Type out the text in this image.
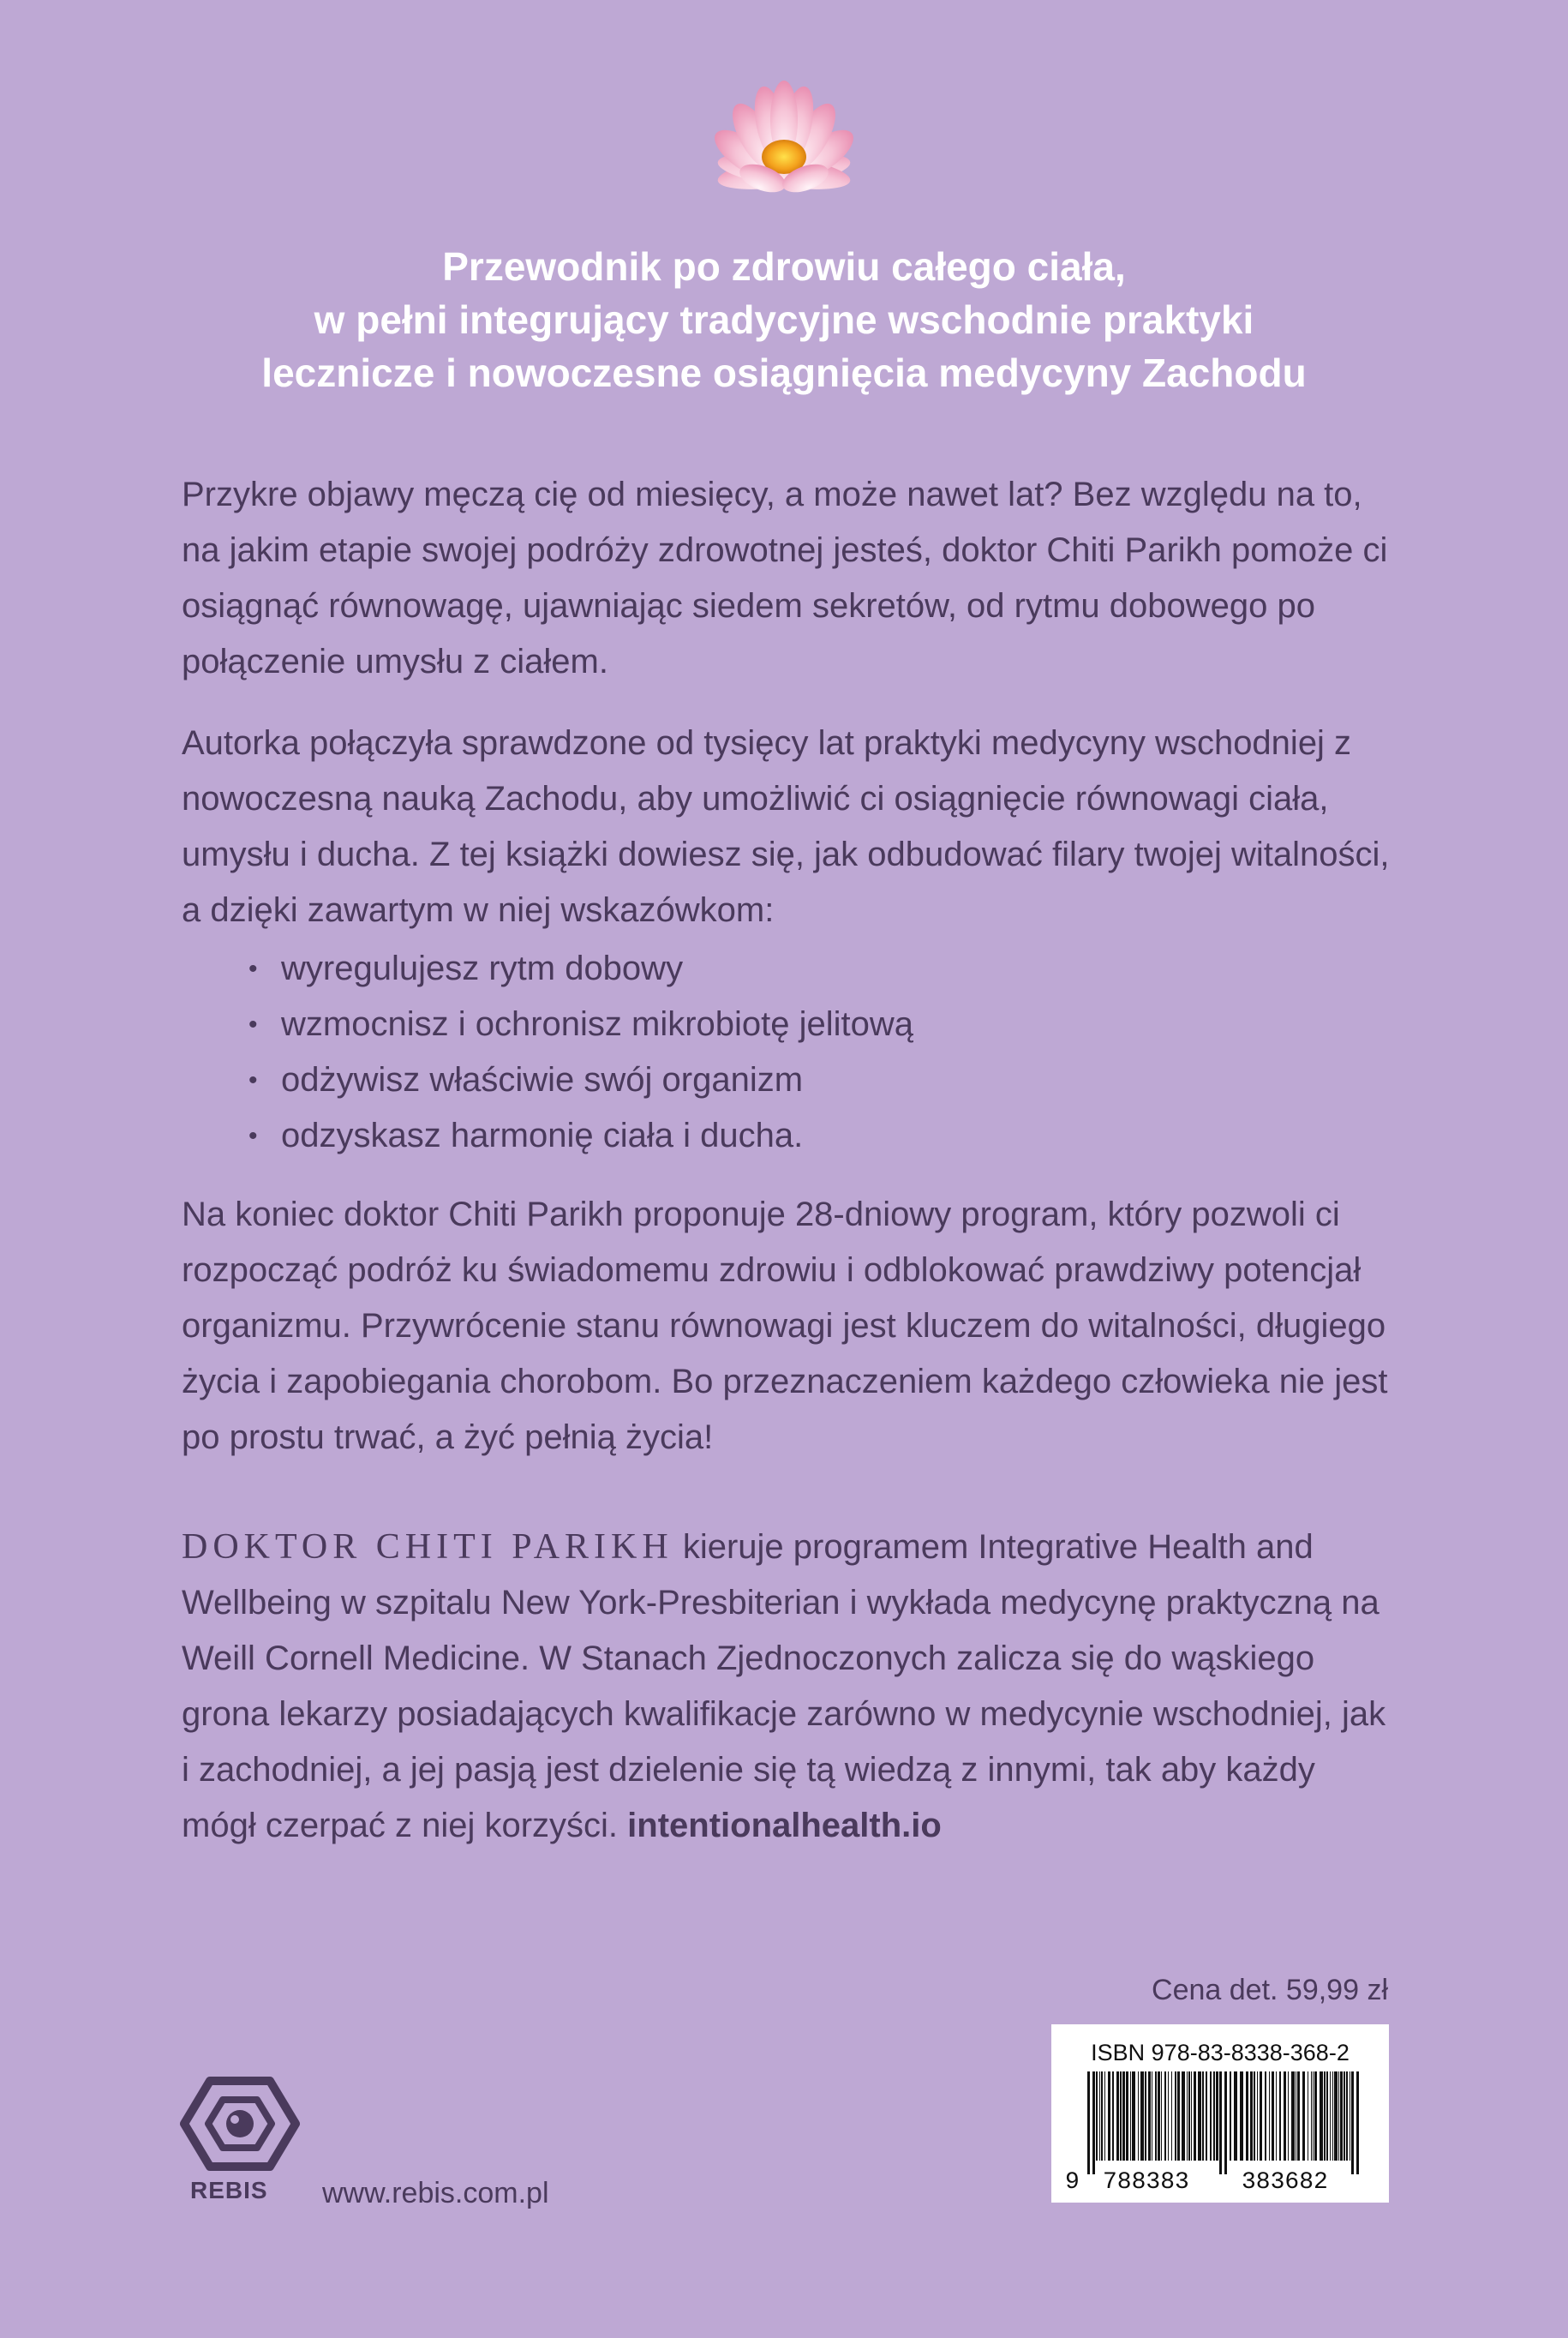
Przewodnik po zdrowiu całego ciała,
w pełni integrujący tradycyjne wschodnie praktyki
lecznicze i nowoczesne osiągnięcia medycyny Zachodu

Przykre objawy męczą cię od miesięcy, a może nawet lat? Bez względu na to, na jakim etapie swojej podróży zdrowotnej jesteś, doktor Chiti Parikh pomoże ci osiągnąć równowagę, ujawniając siedem sekretów, od rytmu dobowego po połączenie umysłu z ciałem.

Autorka połączyła sprawdzone od tysięcy lat praktyki medycyny wschodniej z nowoczesną nauką Zachodu, aby umożliwić ci osiągnięcie równowagi ciała, umysłu i ducha. Z tej książki dowiesz się, jak odbudować filary twojej witalności, a dzięki zawartym w niej wskazówkom:

• wyregulujesz rytm dobowy
• wzmocnisz i ochronisz mikrobiotę jelitową
• odżywisz właściwie swój organizm
• odzyskasz harmonię ciała i ducha.

Na koniec doktor Chiti Parikh proponuje 28-dniowy program, który pozwoli ci rozpocząć podróż ku świadomemu zdrowiu i odblokować prawdziwy potencjał organizmu. Przywrócenie stanu równowagi jest kluczem do witalności, długiego życia i zapobiegania chorobom. Bo przeznaczeniem każdego człowieka nie jest po prostu trwać, a żyć pełnią życia!

DOKTOR CHITI PARIKH kieruje programem Integrative Health and Wellbeing w szpitalu New York-Presbiterian i wykłada medycynę praktyczną na Weill Cornell Medicine. W Stanach Zjednoczonych zalicza się do wąskiego grona lekarzy posiadających kwalifikacje zarówno w medycynie wschodniej, jak i zachodniej, a jej pasją jest dzielenie się tą wiedzą z innymi, tak aby każdy mógł czerpać z niej korzyści. intentionalhealth.io

Cena det. 59,99 zł
ISBN 978-83-8338-368-2
9 788383 383682
REBIS www.rebis.com.pl
